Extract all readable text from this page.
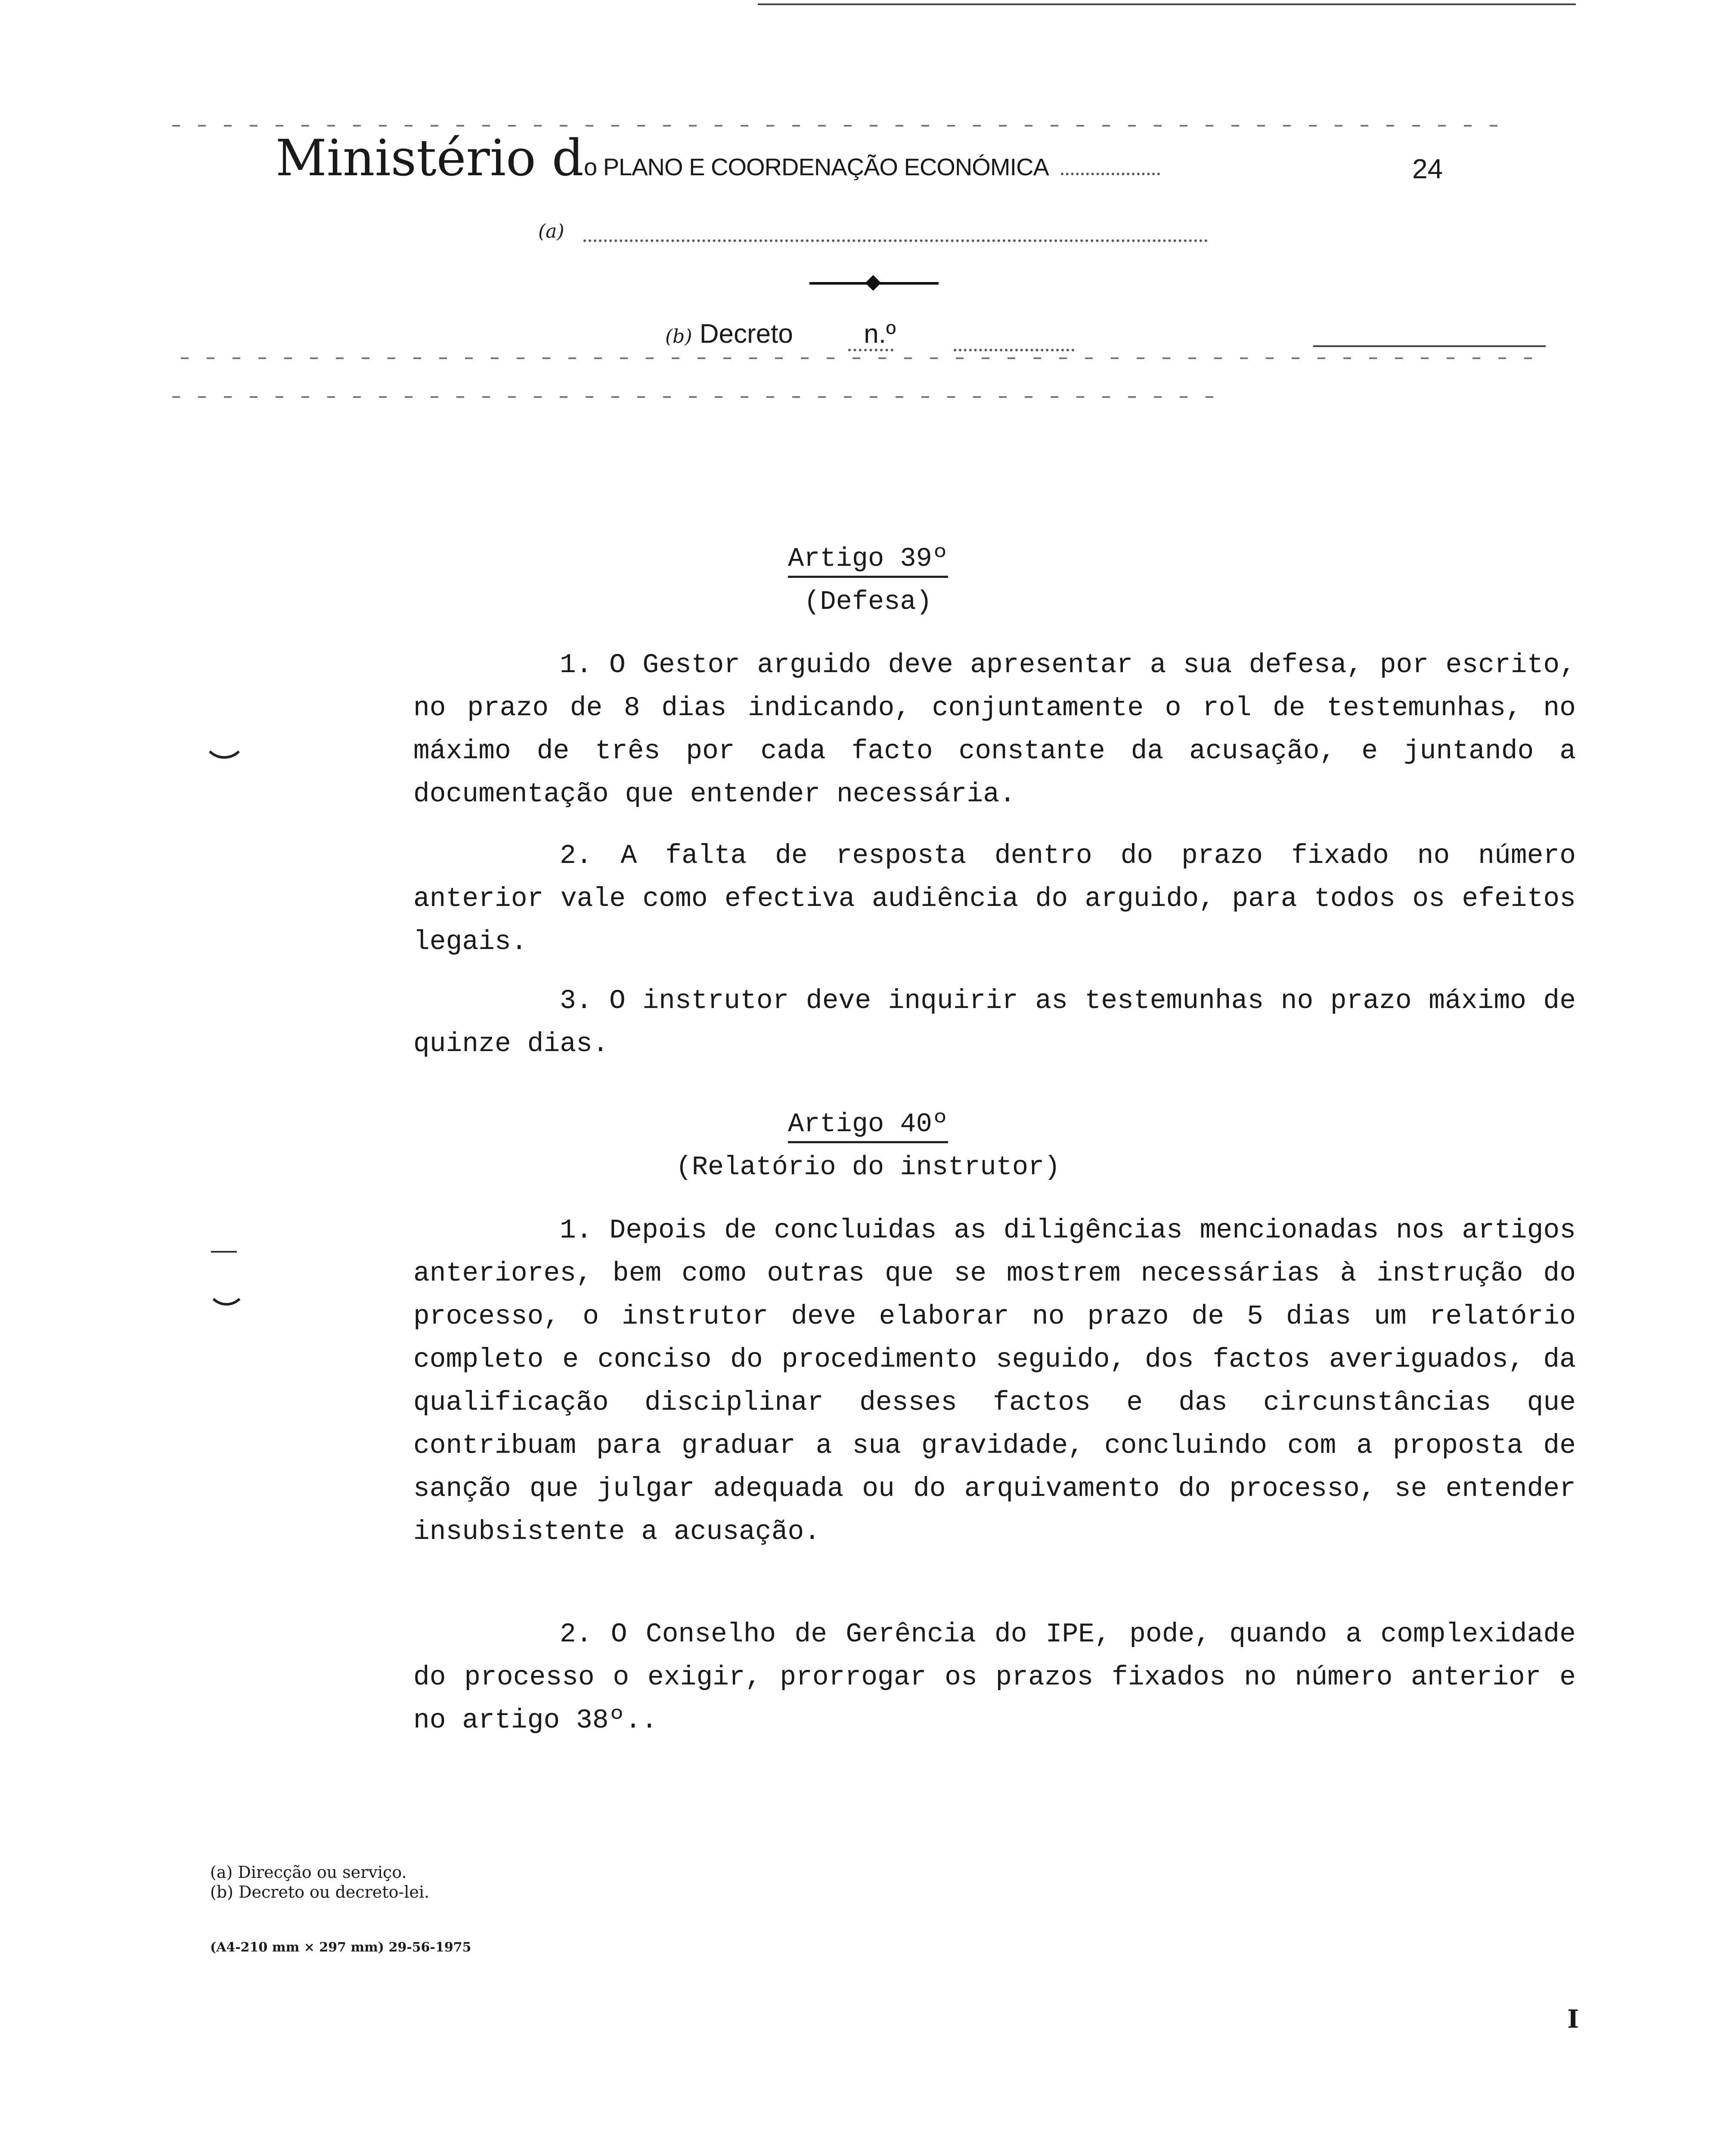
Ministério do PLANO E COORDENAÇÃO ECONÓMICA	24
(a)
(b) Decreto	n.º
Artigo 39º
(Defesa)

1. O Gestor arguido deve apresentar a sua defesa, por escrito, no prazo de 8 dias indicando, conjuntamente o rol de testemunhas, no máximo de três por cada facto constante da acusação, e juntando a documentação que entender necessária.

2. A falta de resposta dentro do prazo fixado no número anterior vale como efectiva audiência do arguido, para todos os efeitos legais.

3. O instrutor deve inquirir as testemunhas no prazo máximo de quinze dias.

Artigo 40º
(Relatório do instrutor)

1. Depois de concluidas as diligências mencionadas nos artigos anteriores, bem como outras que se mostrem necessárias à instrução do processo, o instrutor deve elaborar no prazo de 5 dias um relatório completo e conciso do procedimento seguido, dos factos averiguados, da qualificação disciplinar desses factos e das circunstâncias que contribuam para graduar a sua gravidade, concluindo com a proposta de sanção que julgar adequada ou do arquivamento do processo, se entender insubsistente a acusação.

2. O Conselho de Gerência do IPE, pode, quando a complexidade do processo o exigir, prorrogar os prazos fixados no número anterior e no artigo 38º..

(a) Direcção ou serviço.
(b) Decreto ou decreto-lei.
(A4-210 mm × 297 mm) 29-56-1975
I
